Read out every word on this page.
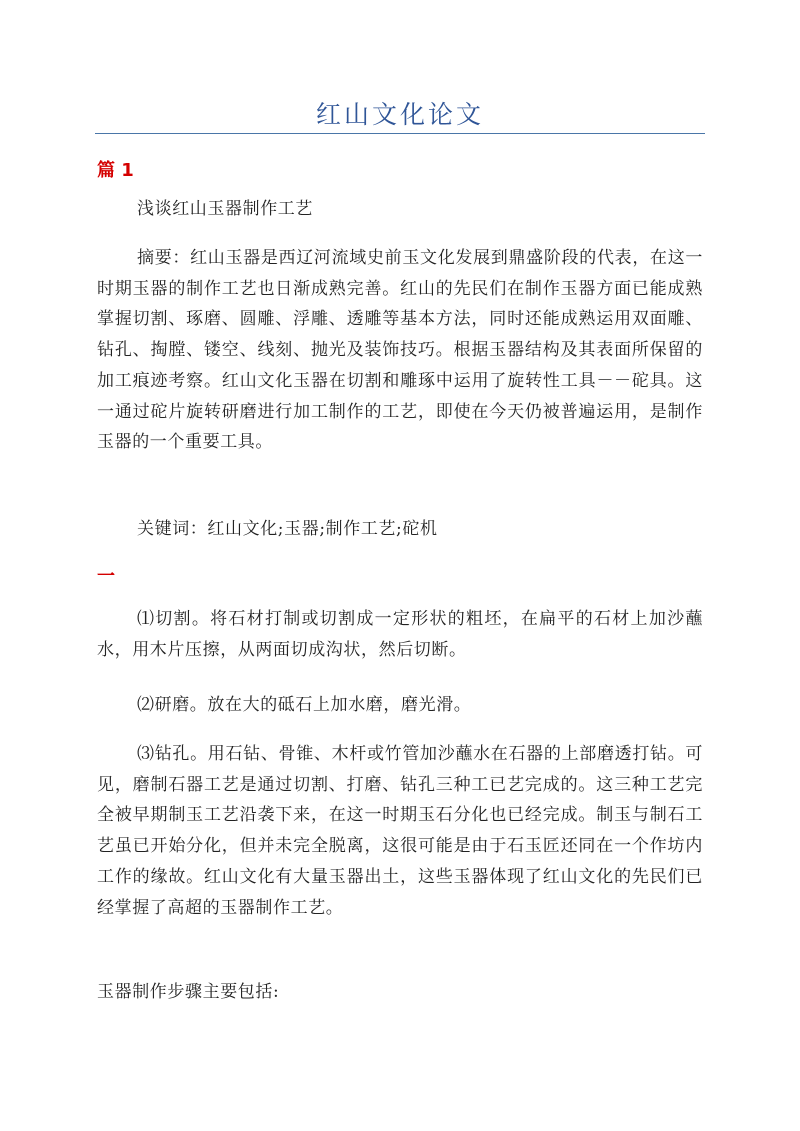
红山文化论文
篇 1

浅谈红山玉器制作工艺

摘要：红山玉器是西辽河流域史前玉文化发展到鼎盛阶段的代表，在这一时期玉器的制作工艺也日渐成熟完善。红山的先民们在制作玉器方面已能成熟掌握切割、琢磨、圆雕、浮雕、透雕等基本方法，同时还能成熟运用双面雕、钻孔、掏膛、镂空、线刻、抛光及装饰技巧。根据玉器结构及其表面所保留的加工痕迹考察。红山文化玉器在切割和雕琢中运用了旋转性工具－－砣具。这一通过砣片旋转研磨进行加工制作的工艺，即使在今天仍被普遍运用，是制作玉器的一个重要工具。

关键词：红山文化;玉器;制作工艺;砣机

一

⑴切割。将石材打制或切割成一定形状的粗坯，在扁平的石材上加沙蘸水，用木片压擦，从两面切成沟状，然后切断。

⑵研磨。放在大的砥石上加水磨，磨光滑。

⑶钻孔。用石钻、骨锥、木杆或竹管加沙蘸水在石器的上部磨透打钻。可见，磨制石器工艺是通过切割、打磨、钻孔三种工已艺完成的。这三种工艺完全被早期制玉工艺沿袭下来，在这一时期玉石分化也已经完成。制玉与制石工艺虽已开始分化，但并未完全脱离，这很可能是由于石玉匠还同在一个作坊内工作的缘故。红山文化有大量玉器出土，这些玉器体现了红山文化的先民们已经掌握了高超的玉器制作工艺。

玉器制作步骤主要包括:
